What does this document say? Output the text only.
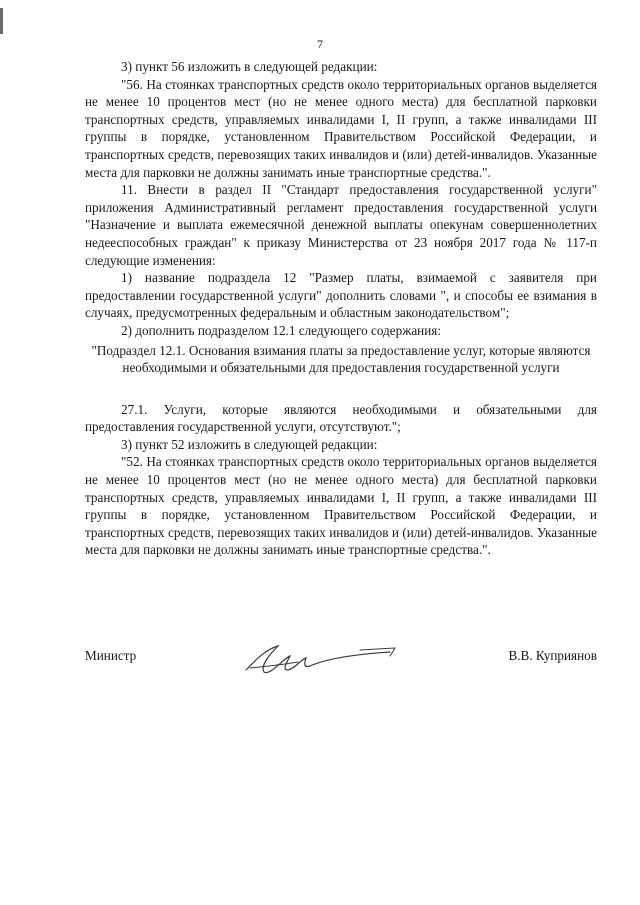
7

3) пункт 56 изложить в следующей редакции:

"56. На стоянках транспортных средств около территориальных органов выделяется не менее 10 процентов мест (но не менее одного места) для бесплатной парковки транспортных средств, управляемых инвалидами I, II групп, а также инвалидами III группы в порядке, установленном Правительством Российской Федерации, и транспортных средств, перевозящих таких инвалидов и (или) детей-инвалидов. Указанные места для парковки не должны занимать иные транспортные средства.".

11. Внести в раздел II "Стандарт предоставления государственной услуги" приложения Административный регламент предоставления государственной услуги "Назначение и выплата ежемесячной денежной выплаты опекунам совершеннолетних недееспособных граждан" к приказу Министерства от 23 ноября 2017 года № 117-п следующие изменения:

1) название подраздела 12 "Размер платы, взимаемой с заявителя при предоставлении государственной услуги" дополнить словами ", и способы ее взимания в случаях, предусмотренных федеральным и областным законодательством";

2) дополнить подразделом 12.1 следующего содержания:

"Подраздел 12.1. Основания взимания платы за предоставление услуг, которые являются необходимыми и обязательными для предоставления государственной услуги

27.1. Услуги, которые являются необходимыми и обязательными для предоставления государственной услуги, отсутствуют.";

3) пункт 52 изложить в следующей редакции:

"52. На стоянках транспортных средств около территориальных органов выделяется не менее 10 процентов мест (но не менее одного места) для бесплатной парковки транспортных средств, управляемых инвалидами I, II групп, а также инвалидами III группы в порядке, установленном Правительством Российской Федерации, и транспортных средств, перевозящих таких инвалидов и (или) детей-инвалидов. Указанные места для парковки не должны занимать иные транспортные средства.".

Министр	В.В. Куприянов
